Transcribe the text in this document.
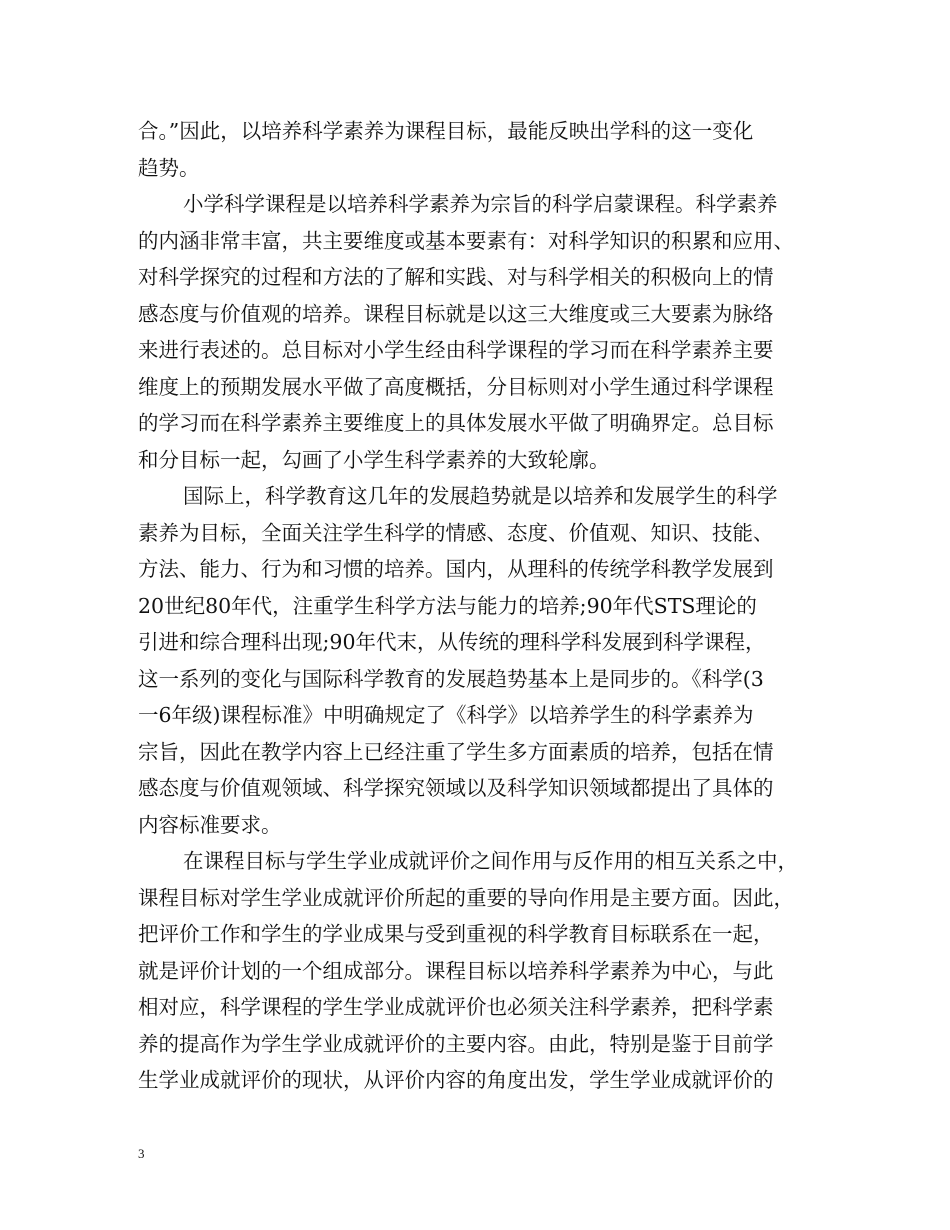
合。”因此，以培养科学素养为课程目标，最能反映出学科的这一变化
趋势。
小学科学课程是以培养科学素养为宗旨的科学启蒙课程。科学素养
的内涵非常丰富，共主要维度或基本要素有：对科学知识的积累和应用、
对科学探究的过程和方法的了解和实践、对与科学相关的积极向上的情
感态度与价值观的培养。课程目标就是以这三大维度或三大要素为脉络
来进行表述的。总目标对小学生经由科学课程的学习而在科学素养主要
维度上的预期发展水平做了高度概括，分目标则对小学生通过科学课程
的学习而在科学素养主要维度上的具体发展水平做了明确界定。总目标
和分目标一起，勾画了小学生科学素养的大致轮廓。
国际上，科学教育这几年的发展趋势就是以培养和发展学生的科学
素养为目标，全面关注学生科学的情感、态度、价值观、知识、技能、
方法、能力、行为和习惯的培养。国内，从理科的传统学科教学发展到
20世纪80年代，注重学生科学方法与能力的培养;90年代STS理论的
引进和综合理科出现;90年代末，从传统的理科学科发展到科学课程，
这一系列的变化与国际科学教育的发展趋势基本上是同步的。《科学(3
一6年级)课程标准》中明确规定了《科学》以培养学生的科学素养为
宗旨，因此在教学内容上已经注重了学生多方面素质的培养，包括在情
感态度与价值观领域、科学探究领域以及科学知识领域都提出了具体的
内容标准要求。
在课程目标与学生学业成就评价之间作用与反作用的相互关系之中，
课程目标对学生学业成就评价所起的重要的导向作用是主要方面。因此，
把评价工作和学生的学业成果与受到重视的科学教育目标联系在一起，
就是评价计划的一个组成部分。课程目标以培养科学素养为中心，与此
相对应，科学课程的学生学业成就评价也必须关注科学素养，把科学素
养的提高作为学生学业成就评价的主要内容。由此，特别是鉴于目前学
生学业成就评价的现状，从评价内容的角度出发，学生学业成就评价的
3
